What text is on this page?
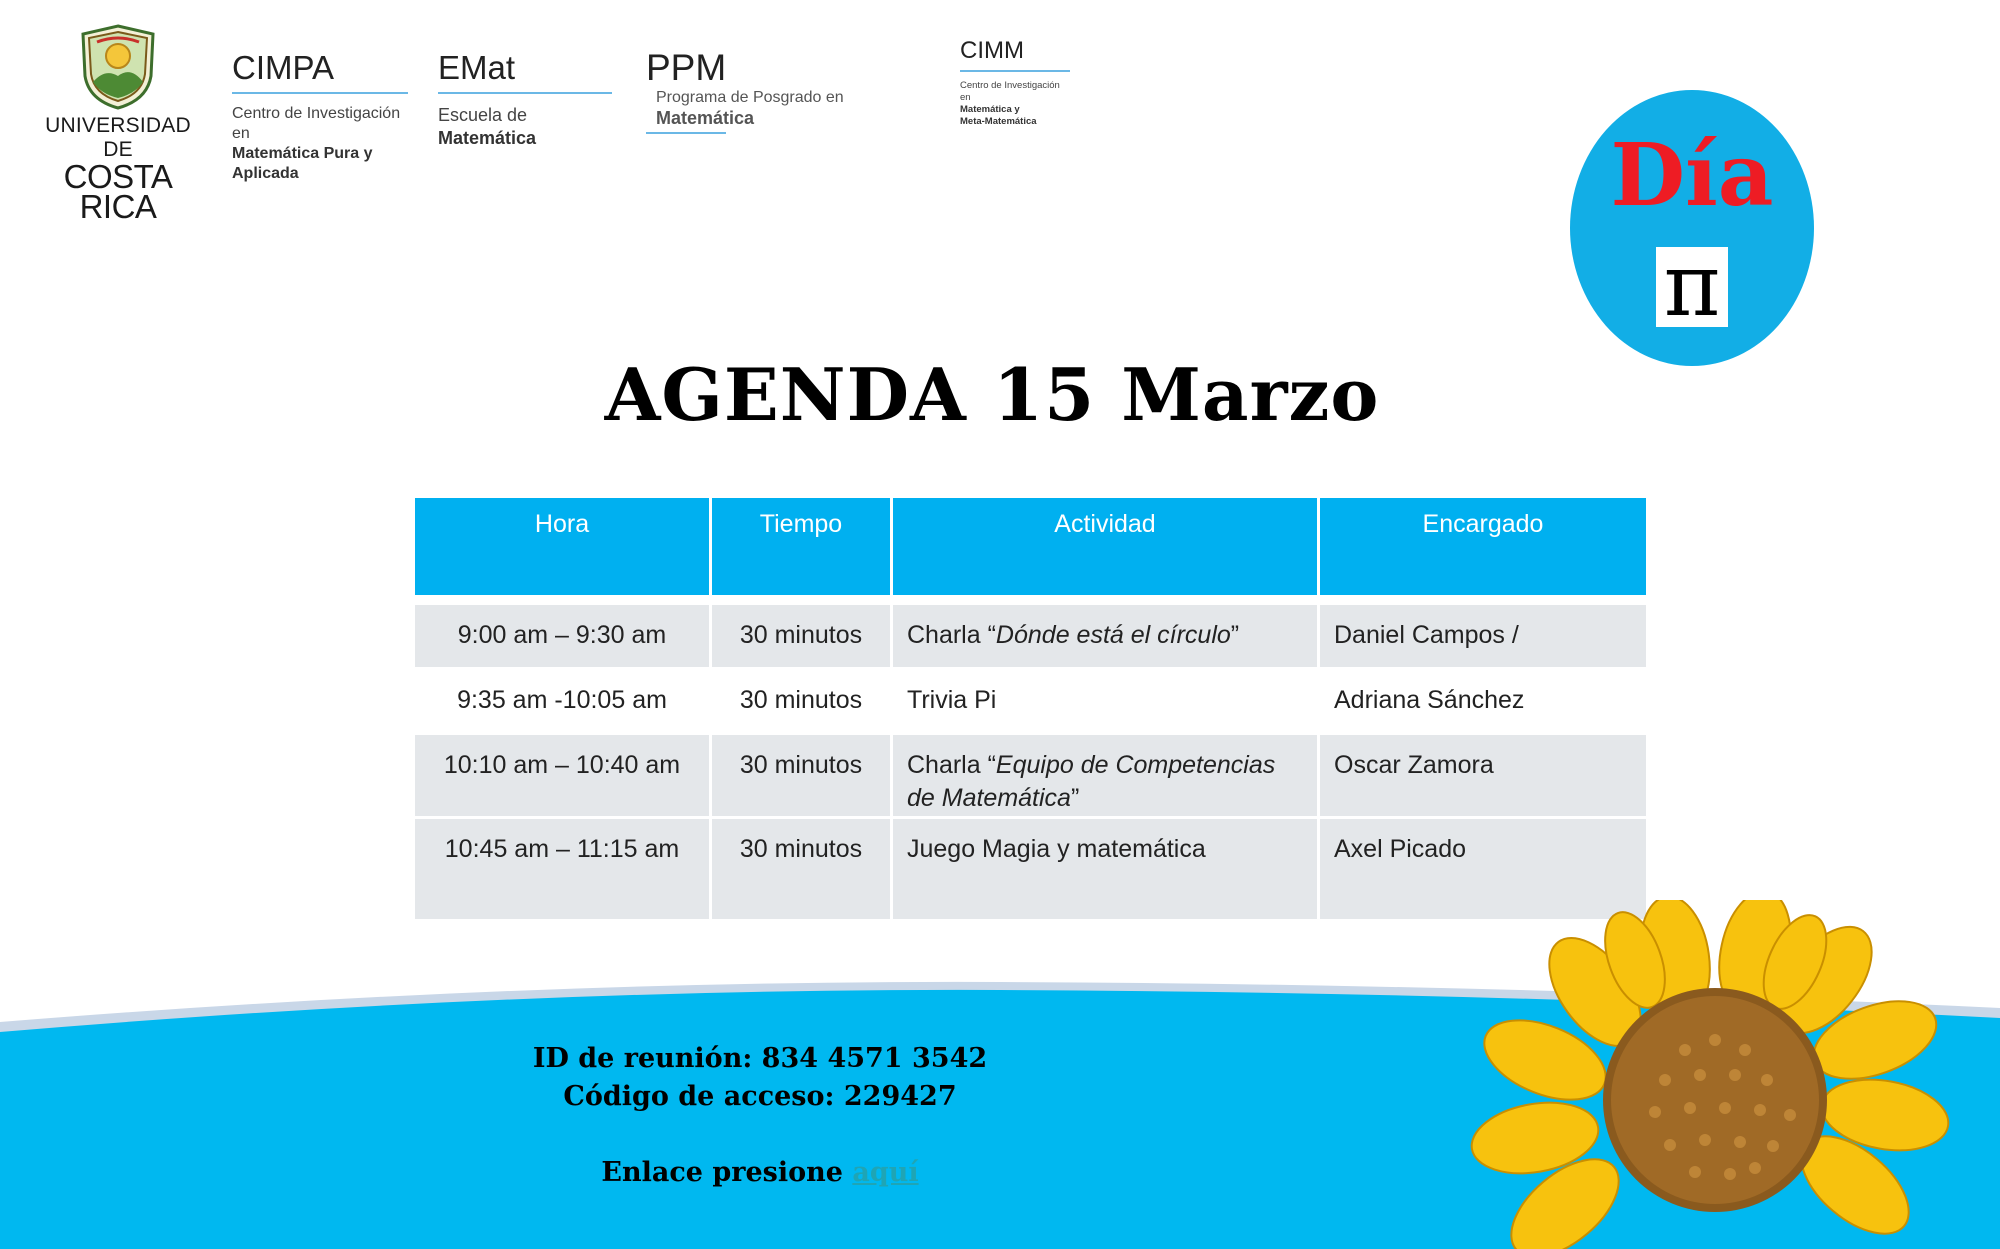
UNIVERSIDAD DE
COSTA RICA
CIMPA
Centro de Investigación en
Matemática Pura y
Aplicada
EMat
Escuela de
Matemática
PPM
Programa de Posgrado en
Matemática
CIMM
Centro de Investigación en
Matemática y
Meta-Matemática
Día
π
AGENDA 15 Marzo
Hora	Tiempo	Actividad	Encargado

9:00 am – 9:30 am	30 minutos	Charla “Dónde está el círculo”	Daniel Campos /
9:35 am -10:05 am	30 minutos	Trivia Pi	Adriana Sánchez
10:10 am – 10:40 am	30 minutos	Charla “Equipo de Competencias de Matemática”	Oscar Zamora
10:45 am – 11:15 am	30 minutos	Juego Magia y matemática	Axel Picado
ID de reunión: 834 4571 3542
Código de acceso: 229427
Enlace presione aquí
